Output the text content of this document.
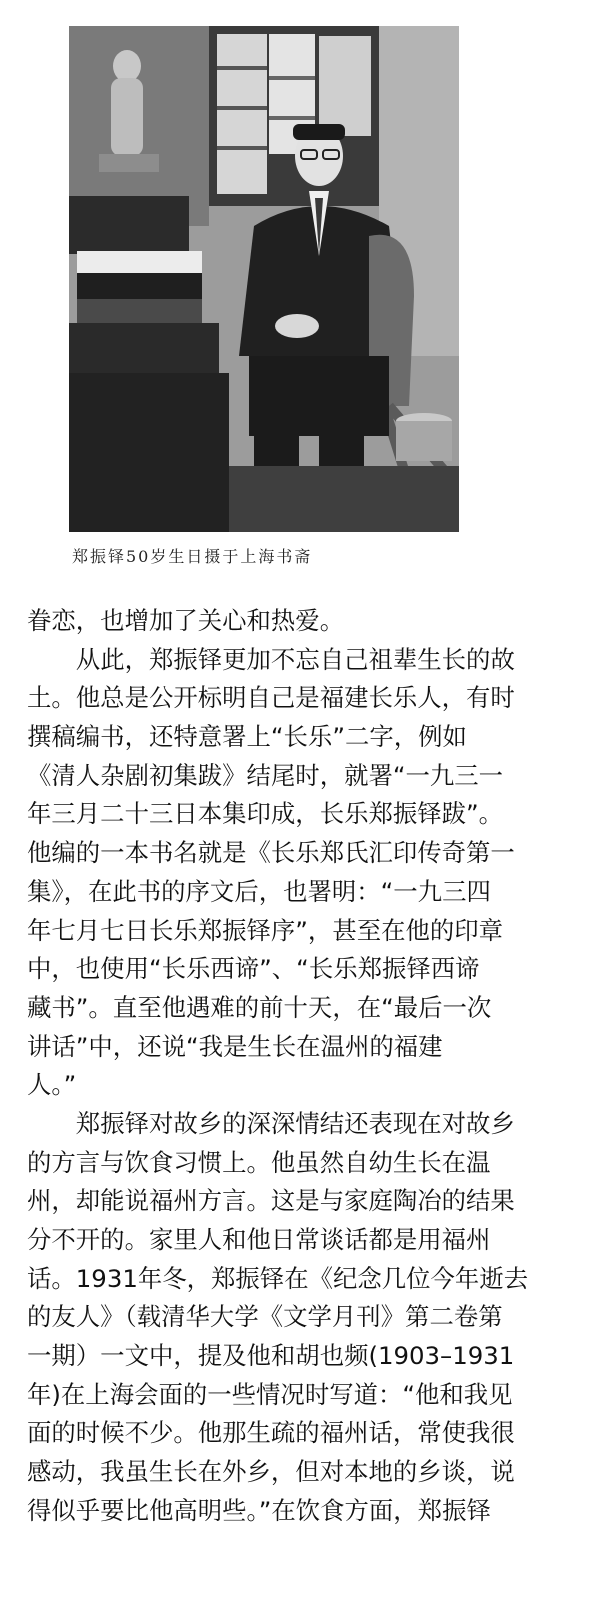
郑振铎50岁生日摄于上海书斋
眷恋，也增加了关心和热爱。
从此，郑振铎更加不忘自己祖辈生长的故
土。他总是公开标明自己是福建长乐人，有时
撰稿编书，还特意署上“长乐”二字，例如
《清人杂剧初集跋》结尾时，就署“一九三一
年三月二十三日本集印成，长乐郑振铎跋”。
他编的一本书名就是《长乐郑氏汇印传奇第一
集》，在此书的序文后，也署明：“一九三四
年七月七日长乐郑振铎序”，甚至在他的印章
中，也使用“长乐西谛”、“长乐郑振铎西谛
藏书”。直至他遇难的前十天，在“最后一次
讲话”中，还说“我是生长在温州的福建
人。”
郑振铎对故乡的深深情结还表现在对故乡
的方言与饮食习惯上。他虽然自幼生长在温
州，却能说福州方言。这是与家庭陶冶的结果
分不开的。家里人和他日常谈话都是用福州
话。1931年冬，郑振铎在《纪念几位今年逝去
的友人》（载清华大学《文学月刊》第二卷第
一期）一文中，提及他和胡也频(1903–1931
年)在上海会面的一些情况时写道：“他和我见
面的时候不少。他那生疏的福州话，常使我很
感动，我虽生长在外乡，但对本地的乡谈，说
得似乎要比他高明些。”在饮食方面，郑振铎
